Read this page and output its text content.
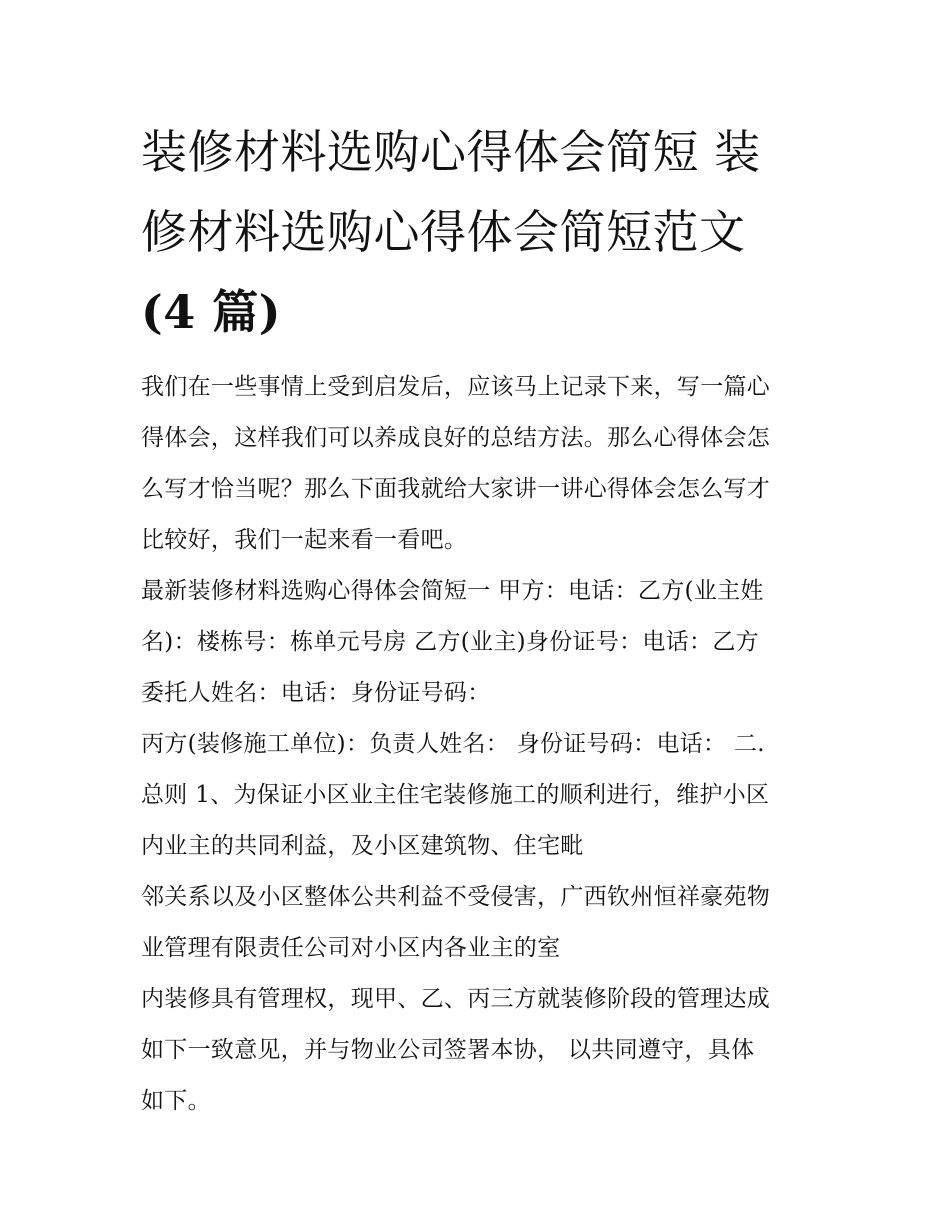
装修材料选购心得体会简短 装
修材料选购心得体会简短范文
(4 篇)
我们在一些事情上受到启发后，应该马上记录下来，写一篇心
得体会，这样我们可以养成良好的总结方法。那么心得体会怎
么写才恰当呢？那么下面我就给大家讲一讲心得体会怎么写才
比较好，我们一起来看一看吧。
最新装修材料选购心得体会简短一 甲方：电话：乙方(业主姓
名)：楼栋号：栋单元号房 乙方(业主)身份证号：电话：乙方
委托人姓名：电话：身份证号码：
丙方(装修施工单位)：负责人姓名： 身份证号码：电话： 二.
总则 1、为保证小区业主住宅装修施工的顺利进行，维护小区
内业主的共同利益，及小区建筑物、住宅毗
邻关系以及小区整体公共利益不受侵害，广西钦州恒祥豪苑物
业管理有限责任公司对小区内各业主的室
内装修具有管理权，现甲、乙、丙三方就装修阶段的管理达成
如下一致意见，并与物业公司签署本协， 以共同遵守，具体
如下。
